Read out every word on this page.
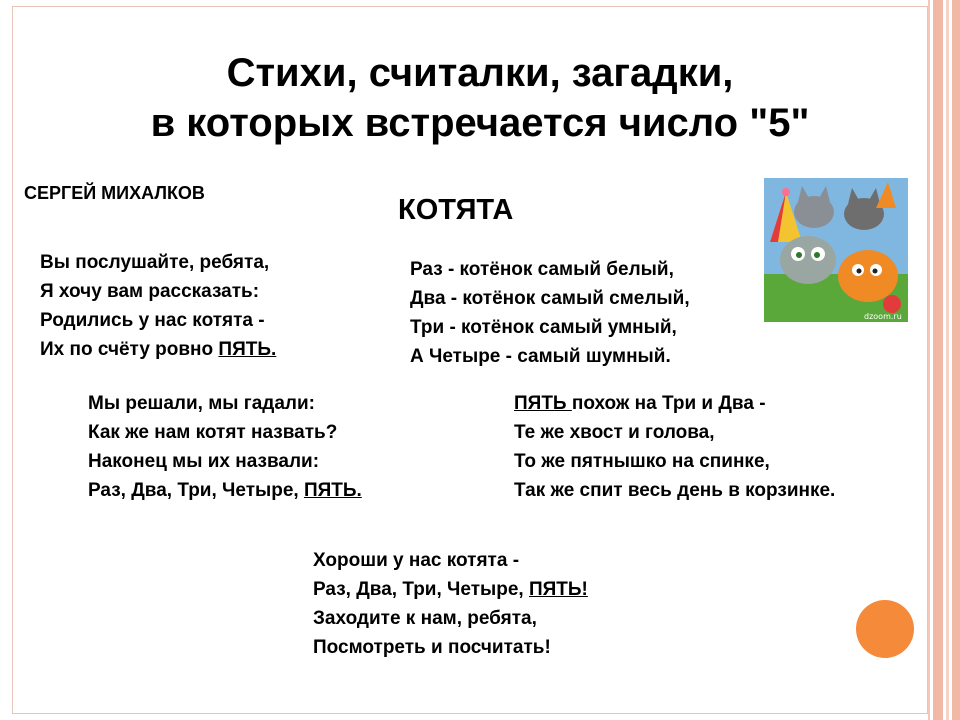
Стихи, считалки, загадки,
в которых встречается число "5"

СЕРГЕЙ МИХАЛКОВ

КОТЯТА
Вы послушайте, ребята,
Я хочу вам рассказать:
Родились у нас котята -
Их по счёту ровно ПЯТЬ.
Раз - котёнок самый белый,
Два - котёнок самый смелый,
Три - котёнок самый умный,
А Четыре - самый шумный.
Мы решали, мы гадали:
Как же нам котят назвать?
Наконец мы их назвали:
Раз, Два, Три, Четыре, ПЯТЬ.
ПЯТЬ похож на Три и Два -
Те же хвост и голова,
То же пятнышко на спинке,
Так же спит весь день в корзинке.
Хороши у нас котята -
Раз, Два, Три, Четыре, ПЯТЬ!
Заходите к нам, ребята,
Посмотреть и посчитать!
dzoom.ru
